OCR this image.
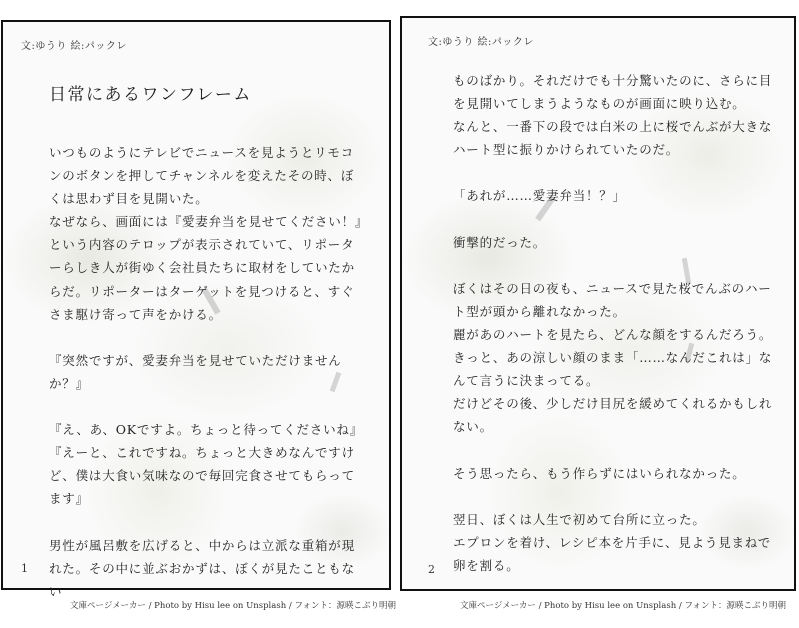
文:ゆうり 絵:パックレ
日常にあるワンフレーム
いつものようにテレビでニュースを見ようとリモコンのボタンを押してチャンネルを変えたその時、ぼくは思わず目を見開いた。
なぜなら、画面には『愛妻弁当を見せてください！』という内容のテロップが表示されていて、リポーターらしき人が街ゆく会社員たちに取材をしていたからだ。リポーターはターゲットを見つけると、すぐさま駆け寄って声をかける。

『突然ですが、愛妻弁当を見せていただけませんか？』

『え、あ、OKですよ。ちょっと待ってくださいね』
『えーと、これですね。ちょっと大きめなんですけど、僕は大食い気味なので毎回完食させてもらってます』

男性が風呂敷を広げると、中からは立派な重箱が現れた。その中に並ぶおかずは、ぼくが見たこともない
1
文:ゆうり 絵:パックレ
ものばかり。それだけでも十分驚いたのに、さらに目を見開いてしまうようなものが画面に映り込む。
なんと、一番下の段では白米の上に桜でんぶが大きなハート型に振りかけられていたのだ。

「あれが……愛妻弁当！？」

衝撃的だった。

ぼくはその日の夜も、ニュースで見た桜でんぶのハート型が頭から離れなかった。
麗があのハートを見たら、どんな顔をするんだろう。
きっと、あの涼しい顔のまま「……なんだこれは」なんて言うに決まってる。
だけどその後、少しだけ目尻を緩めてくれるかもしれない。

そう思ったら、もう作らずにはいられなかった。

翌日、ぼくは人生で初めて台所に立った。
エプロンを着け、レシピ本を片手に、見よう見まねで卵を割る。
2
文庫ページメーカー / Photo by Hisu lee on Unsplash / フォント：源暎こぶり明朝	文庫ページメーカー / Photo by Hisu lee on Unsplash / フォント：源暎こぶり明朝
